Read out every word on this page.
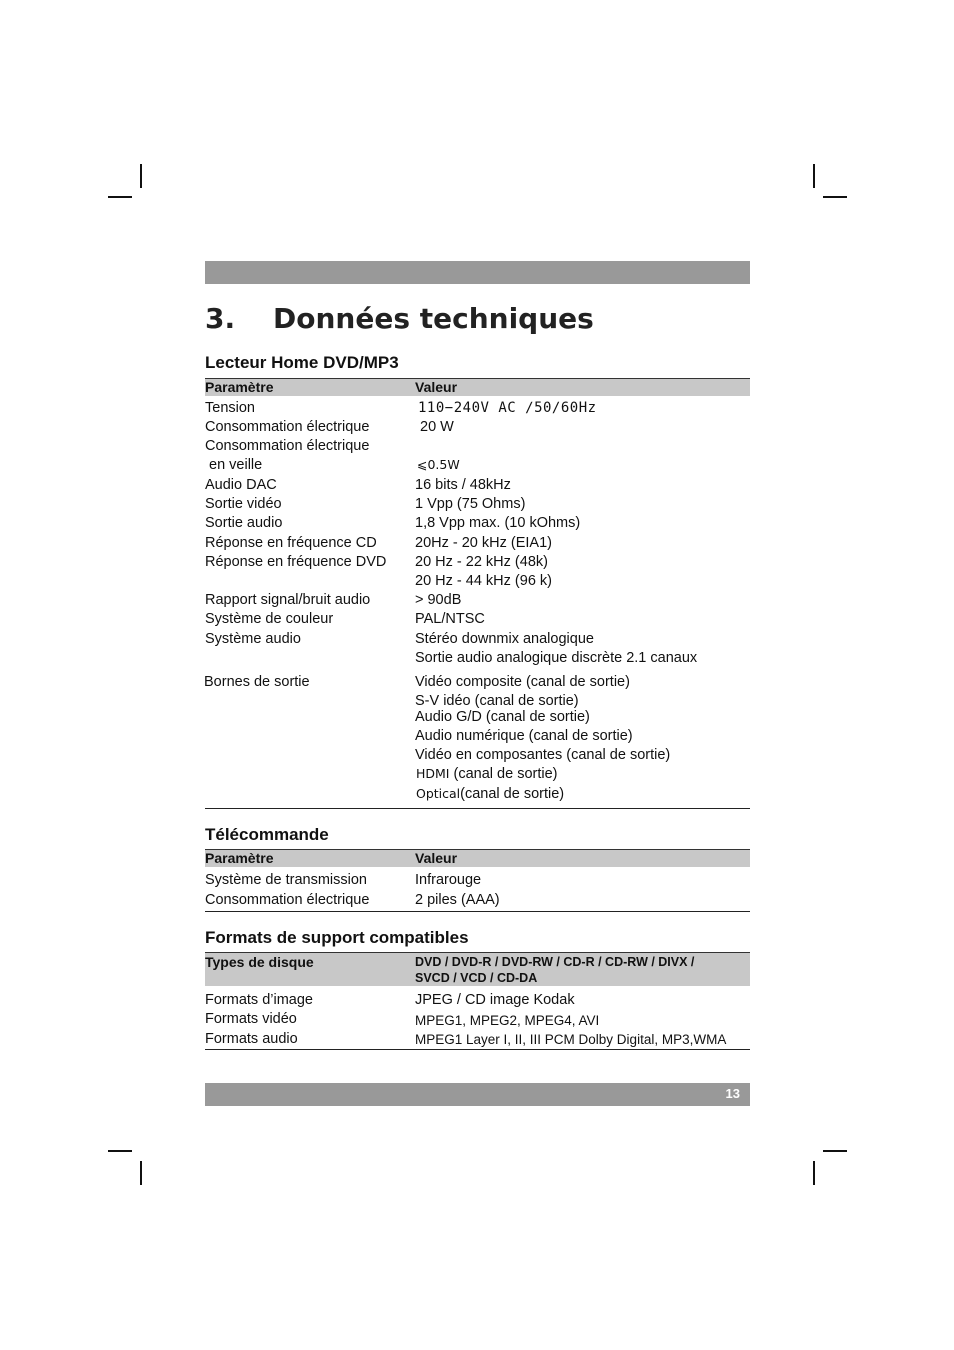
3. Données techniques
Lecteur Home DVD/MP3
Paramètre	Valeur
Tension	110−240V AC ∕50∕60Hz
Consommation électrique	20 W
Consommation électrique
en veille	⩽0.5W
Audio DAC	16 bits / 48kHz
Sortie vidéo	1 Vpp (75 Ohms)
Sortie audio	1,8 Vpp max. (10 kOhms)
Réponse en fréquence CD	20Hz - 20 kHz (EIA1)
Réponse en fréquence DVD 20 Hz - 22 kHz (48k)
20 Hz - 44 kHz (96 k)
Rapport signal/bruit audio	> 90dB
Système de couleur	PAL/NTSC
Système audio	Stéréo downmix analogique
Sortie audio analogique discrète 2.1 canaux
Bornes de sortie	Vidéo composite (canal de sortie)
S-V idéo (canal de sortie)
Audio G/D (canal de sortie)
Audio numérique (canal de sortie)
Vidéo en composantes (canal de sortie)
HDMI (canal de sortie)
Optical(canal de sortie)
Télécommande
Paramètre	Valeur
Système de transmission	Infrarouge
Consommation électrique	2 piles (AAA)
Formats de support compatibles
Types de disque	DVD / DVD-R / DVD-RW / CD-R / CD-RW / DIVX /
SVCD / VCD / CD-DA
Formats d’image	JPEG / CD image Kodak
Formats vidéo	MPEG1, MPEG2, MPEG4, AVI
Formats audio	MPEG1 Layer I, II, III PCM Dolby Digital, MP3,WMA
13
